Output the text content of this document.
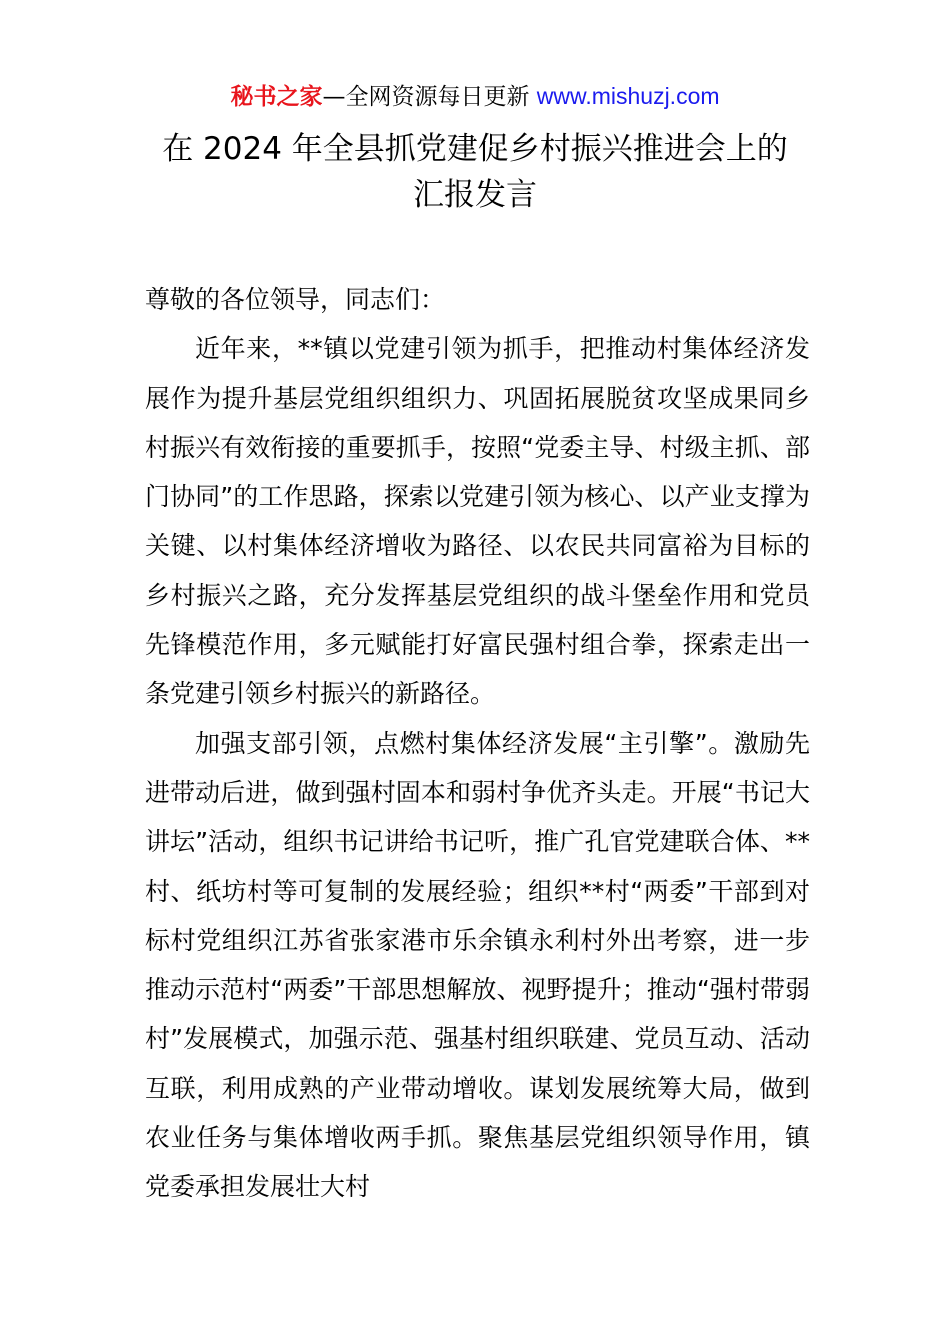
秘书之家—全网资源每日更新 www.mishuzj.com
在 2024 年全县抓党建促乡村振兴推进会上的
汇报发言
尊敬的各位领导，同志们：

近年来，**镇以党建引领为抓手，把推动村集体经济发展作为提升基层党组织组织力、巩固拓展脱贫攻坚成果同乡村振兴有效衔接的重要抓手，按照“党委主导、村级主抓、部门协同”的工作思路，探索以党建引领为核心、以产业支撑为关键、以村集体经济增收为路径、以农民共同富裕为目标的乡村振兴之路，充分发挥基层党组织的战斗堡垒作用和党员先锋模范作用，多元赋能打好富民强村组合拳，探索走出一条党建引领乡村振兴的新路径。

加强支部引领，点燃村集体经济发展“主引擎”。激励先进带动后进，做到强村固本和弱村争优齐头走。开展“书记大讲坛”活动，组织书记讲给书记听，推广孔官党建联合体、**村、纸坊村等可复制的发展经验；组织**村“两委”干部到对标村党组织江苏省张家港市乐余镇永利村外出考察，进一步推动示范村“两委”干部思想解放、视野提升；推动“强村带弱村”发展模式，加强示范、强基村组织联建、党员互动、活动互联，利用成熟的产业带动增收。谋划发展统筹大局，做到农业任务与集体增收两手抓。聚焦基层党组织领导作用，镇党委承担发展壮大村
